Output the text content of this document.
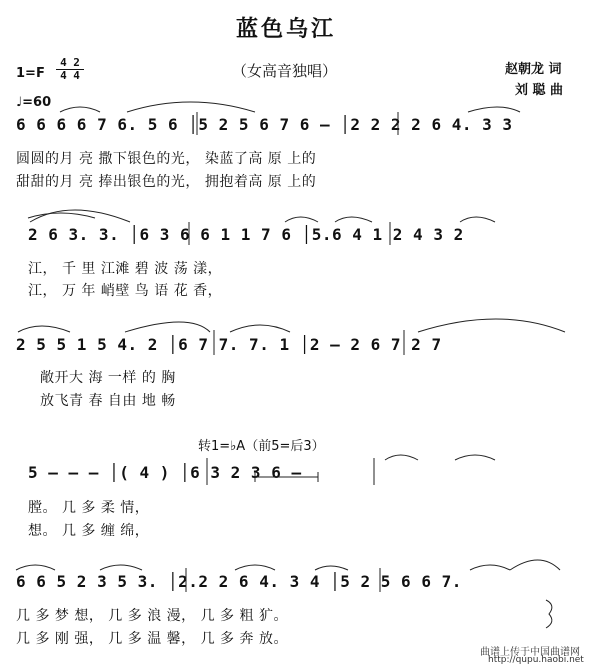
蓝色乌江
（女高音独唱）	赵朝龙 词
刘 聪 曲
1=F
4 2
4 4
♩=60
6 6 6 6 7 6. 5 6 │5 2 5 6 7 6 – │2 2 2 2 6 4. 3 3
圆圆的月 亮 撒下银色的光， 染蓝了高 原 上的
甜甜的月 亮 捧出银色的光， 拥抱着高 原 上的
2 6 3. 3. │6 3 6 6 1 1 7 6 │5.6 4 1 2 4 3 2
江， 千 里 江滩 碧 波 荡 漾，
江， 万 年 峭壁 鸟 语 花 香，
2 5 5 1 5 4. 2 │6 7 7. 7. 1 │2 – 2 6 7 2 7
敞开大 海 一样 的 胸
放飞青 春 自由 地 畅
转1=♭A（前5=后3）
5 – – – │( 4 ) │6 3 2 3 6 –
膛。 几 多 柔 情，
想。 几 多 缠 绵，
6 6 5 2 3 5 3. │2.2 2 6 4. 3 4 │5 2 5 6 6 7.
几 多 梦 想， 几 多 浪 漫， 几 多 粗 犷。
几 多 刚 强， 几 多 温 馨， 几 多 奔 放。
曲谱上传于中国曲谱网
http://qupu.haobi.net
